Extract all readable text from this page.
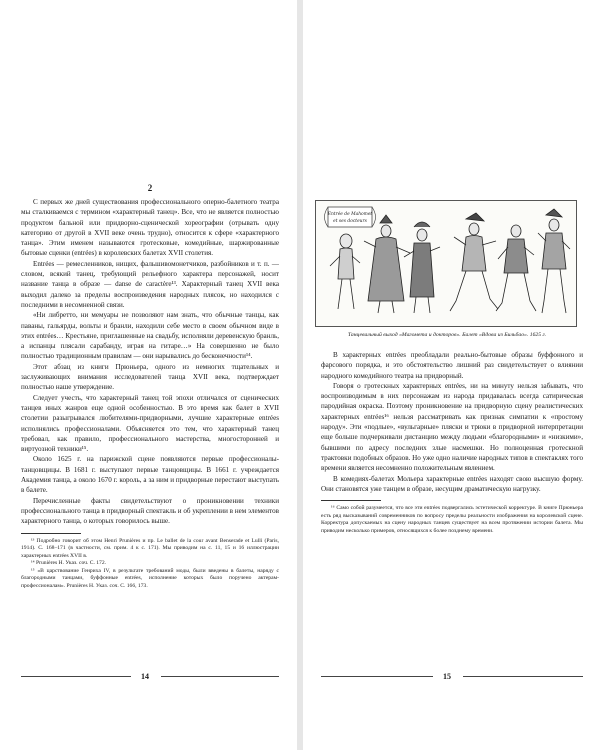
2

С первых же дней существования профессионального оперно-балетного театра мы сталкиваемся с термином «характерный танец». Все, что не является полностью продуктом бальной или придворно-сценической хореографии (отрывать одну категорию от другой в XVII веке очень трудно), относится к сфере «характерного танца». Этим именем называются гротесковые, комедийные, шаржированные бытовые сценки (entrées) в королевских балетах XVII столетия.

Entrées — ремесленников, нищих, фальшивомонетчиков, разбойников и т. п. — словом, всякий танец, требующий рельефного характера персонажей, носит название танца в образе — danse de caractère¹³. Характерный танец XVII века выходил далеко за пределы воспроизведения народных плясок, но находился с последними в несомненной связи.

«Ни либретто, ни мемуары не позволяют нам знать, что обычные танцы, как паваны, гальярды, вольты и бранли, находили себе место в своем обычном виде в этих entrées… Крестьяне, приглашенные на свадьбу, исполняли деревенскую бранль, а испанцы плясали сарабанду, играя на гитаре…» На совершенно не было полностью традиционным правилам — они нарывались до бесконечности¹⁴.

Этот абзац из книги Прюньера, одного из немногих тщательных и заслуживающих внимания исследователей танца XVII века, подтверждает полностью наше утверждение.

Следует учесть, что характерный танец той эпохи отличался от сценических танцев иных жанров еще одной особенностью. В это время как балет в XVII столетии разыгрывался любителями-придворными, лучшие характерные entrées исполнялись профессионалами. Объясняется это тем, что характерный танец требовал, как правило, профессионального мастерства, многосторонней и виртуозной техники¹⁵.

Около 1625 г. на парижской сцене появляются первые профессионалы-танцовщицы. В 1681 г. выступают первые танцовщицы. В 1661 г. учреждается Академия танца, а около 1670 г. король, а за ним и придворные перестают выступать в балете.

Перечисленные факты свидетельствуют о проникновении техники профессионального танца в придворный спектакль и об укреплении в нем элементов характерного танца, о которых говорилось выше.

¹³ Подробно говорит об этом Henri Prunières и пр. Le ballet de la cour avant Benserade et Lulli (Paris, 1914). С. 168–171 (в частности, см. прим. 4 к с. 171). Мы приводим на с. 11, 15 и 16 иллюстрации характерных entrées XVII в.

¹⁴ Prunières H. Указ. соч. С. 172.

¹⁵ «В царствование Генриха IV, в результате требований моды, были введены в балеты, наряду с благородными танцами, буффонные entrées, исполнение которых было поручено актерам-профессионалам». Prunières H. Указ. соч. С. 166, 173.

14
Entrée de Mahomet
et ses docteurs
Танцевальный выход «Магомета и докторов». Балет «Вдова из Бильбао». 1625 г.

В характерных entrées преобладали реально-бытовые образы буффонного и фарсового порядка, и это обстоятельство лишний раз свидетельствует о влиянии народного комедийного театра на придворный.

Говоря о гротескных характерных entrées, ни на минуту нельзя забывать, что воспроизводимым в них персонажам из народа придавалась всегда сатирическая пародийная окраска. Поэтому проникновение на придворную сцену реалистических характерных entrées¹⁶ нельзя рассматривать как признак симпатии к «простому народу». Эти «подлые», «вульгарные» пляски и трюки в придворной интерпретации еще больше подчеркивали дистанцию между людьми «благородными» и «низкими», бывшими по адресу последних злые насмешки. Но полноценная гротескной трактовки подобных образов. Но уже одно наличие народных типов в спектаклях того времени является несомненно положительным явлением.

В комедиях-балетах Мольера характерные entrées находят свою высшую форму. Они становятся уже танцем в образе, несущим драматическую нагрузку.

¹⁶ Само собой разумеется, что все эти entrées подвергались эстетической корректуре. В книге Прюньера есть ряд высказываний современников по вопросу пределы реальности изображения на королевской сцене. Корректура допускаемых на сцену народных танцев существует на всем протяжении истории балета. Мы приводим несколько примеров, относящихся к более позднему времени.

15
